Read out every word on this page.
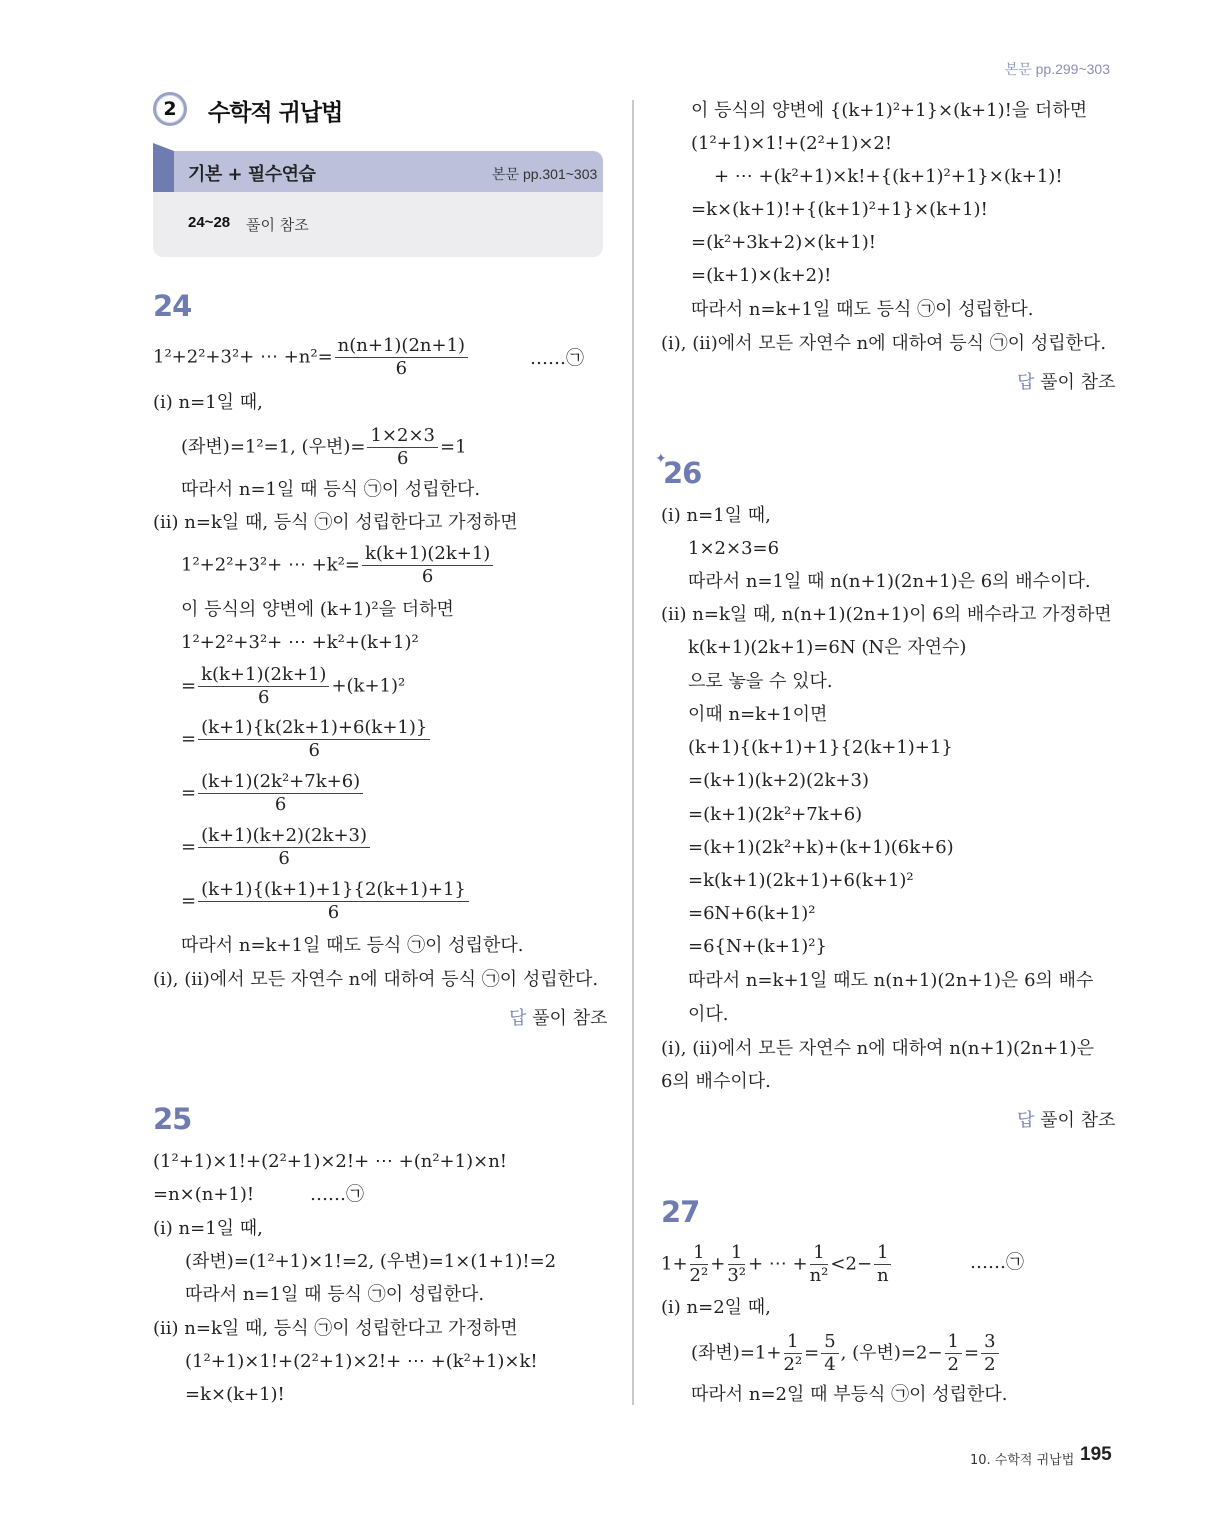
본문 pp.299~303
2	수학적 귀납법
기본 + 필수연습	본문 pp.301~303
24~28 풀이 참조
24
1²+2²+3²+ ⋯ $+n^2= \frac{n(n+1)(2n+1)}{6}$	……㉠
(ⅰ) n=1일 때,
(좌변)=1²=1, (우변)= $\frac{1\times 2\times 3}{6} =1$
따라서 n=1일 때 등식 ㉠이 성립한다.
(ⅱ) n=k일 때, 등식 ㉠이 성립한다고 가정하면
1²+2²+3²+ ⋯ $+k^2= \frac{k(k+1)(2k+1)}{6}$
이 등식의 양변에 (k+1)²을 더하면
1²+2²+3²+ ⋯ +k²+(k+1)²
= $\frac{k(k+1)(2k+1)}{6} +(k+1)^2$
= $\frac{(k+1)\{k(2k+1)+6(k+1)\}}{6}$
= $\frac{\text{(k+1)(2k²+7k+6)}}{6}$
= $\frac{(k+1)(k+2)(2k+3)}{6}$
= $\frac{(k+1)\{(k+1)+1\}\{2(k+1)+1\}}{6}$
따라서 n=k+1일 때도 등식 ㉠이 성립한다.
(ⅰ), (ⅱ)에서 모든 자연수 n에 대하여 등식 ㉠이 성립한다.
답 풀이 참조
25
(1²+1)×1!+(2²+1)×2!+ ⋯ +(n²+1)×n!
=n×(n+1)!	……㉠
(ⅰ) n=1일 때,
(좌변)=(1²+1)×1!=2, (우변)=1×(1+1)!=2
따라서 n=1일 때 등식 ㉠이 성립한다.
(ⅱ) n=k일 때, 등식 ㉠이 성립한다고 가정하면
(1²+1)×1!+(2²+1)×2!+ ⋯ +(k²+1)×k!
=k×(k+1)!
이 등식의 양변에 {(k+1)²+1}×(k+1)!을 더하면
(1²+1)×1!+(2²+1)×2!
+ ⋯ +(k²+1)×k!+{(k+1)²+1}×(k+1)!
=k×(k+1)!+{(k+1)²+1}×(k+1)!
=(k²+3k+2)×(k+1)!
=(k+1)×(k+2)!
따라서 n=k+1일 때도 등식 ㉠이 성립한다.
(ⅰ), (ⅱ)에서 모든 자연수 n에 대하여 등식 ㉠이 성립한다.
답 풀이 참조
✦
26
(ⅰ) n=1일 때,
1×2×3=6
따라서 n=1일 때 n(n+1)(2n+1)은 6의 배수이다.
(ⅱ) n=k일 때, n(n+1)(2n+1)이 6의 배수라고 가정하면
k(k+1)(2k+1)=6N (N은 자연수)
으로 놓을 수 있다.
이때 n=k+1이면
(k+1){(k+1)+1}{2(k+1)+1}
=(k+1)(k+2)(2k+3)
=(k+1)(2k²+7k+6)
=(k+1)(2k²+k)+(k+1)(6k+6)
=k(k+1)(2k+1)+6(k+1)²
=6N+6(k+1)²
=6{N+(k+1)²}
따라서 n=k+1일 때도 n(n+1)(2n+1)은 6의 배수
이다.
(ⅰ), (ⅱ)에서 모든 자연수 n에 대하여 n(n+1)(2n+1)은
6의 배수이다.
답 풀이 참조
27
$1+ \frac{1}{\text{2²}} + \frac{1}{\text{3²}}$ + ⋯ + $\frac{1}{\text{n²}} <2- \frac{1}{n}$	……㉠
(ⅰ) n=2일 때,
(좌변)$=1+ \frac{1}{\text{2²}} = \frac{5}{4}$ , (우변)$=2- \frac{1}{2} = \frac{3}{2}$
따라서 n=2일 때 부등식 ㉠이 성립한다.
10. 수학적 귀납법 195
